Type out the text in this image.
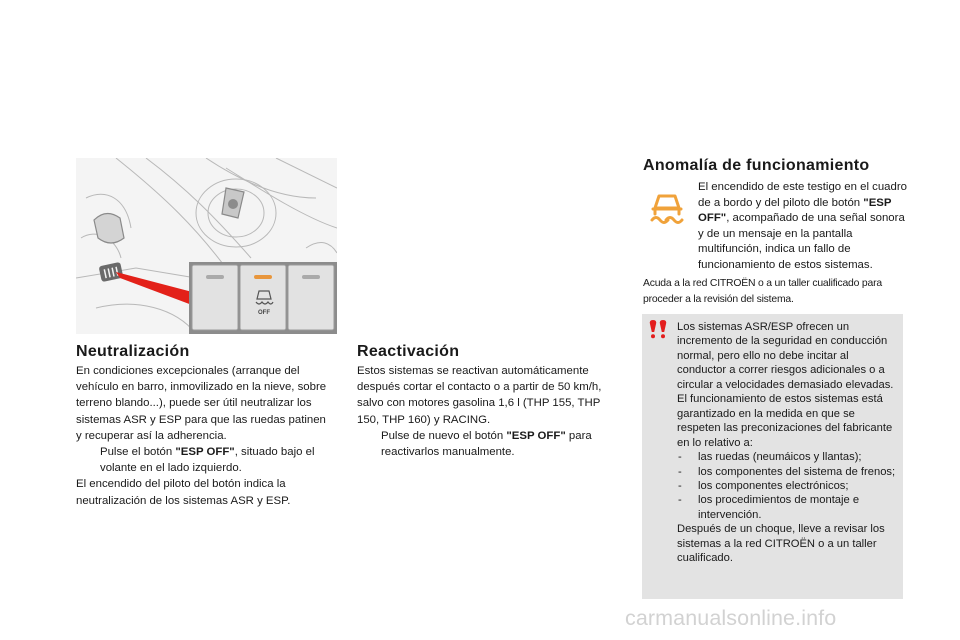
OFF
Neutralización

En condiciones excepcionales (arranque del vehículo en barro, inmovilizado en la nieve, sobre terreno blando...), puede ser útil neutralizar los sistemas ASR y ESP para que las ruedas patinen y recuperar así la adherencia.

Pulse el botón "ESP OFF", situado bajo el volante en el lado izquierdo.

El encendido del piloto del botón indica la neutralización de los sistemas ASR y ESP.

Reactivación

Estos sistemas se reactivan automáticamente después cortar el contacto o a partir de 50 km/h, salvo con motores gasolina 1,6 l (THP 155, THP 150, THP 160) y RACING.

Pulse de nuevo el botón "ESP OFF" para reactivarlos manualmente.
Anomalía de funcionamiento
El encendido de este testigo en el cuadro de a bordo y del piloto dle botón "ESP OFF", acompañado de una señal sonora y de un mensaje en la pantalla multifunción, indica un fallo de funcionamiento de estos sistemas.

Acuda a la red CITROËN o a un taller cualificado para proceder a la revisión del sistema.

Los sistemas ASR/ESP ofrecen un incremento de la seguridad en conducción normal, pero ello no debe incitar al conductor a correr riesgos adicionales o a circular a velocidades demasiado elevadas.
El funcionamiento de estos sistemas está garantizado en la medida en que se respeten las preconizaciones del fabricante en lo relativo a:
- las ruedas (neumáicos y llantas);
- los componentes del sistema de frenos;
- los componentes electrónicos;
- los procedimientos de montaje e intervención.
Después de un choque, lleve a revisar los sistemas a la red CITROËN o a un taller cualificado.
carmanualsonline.info
